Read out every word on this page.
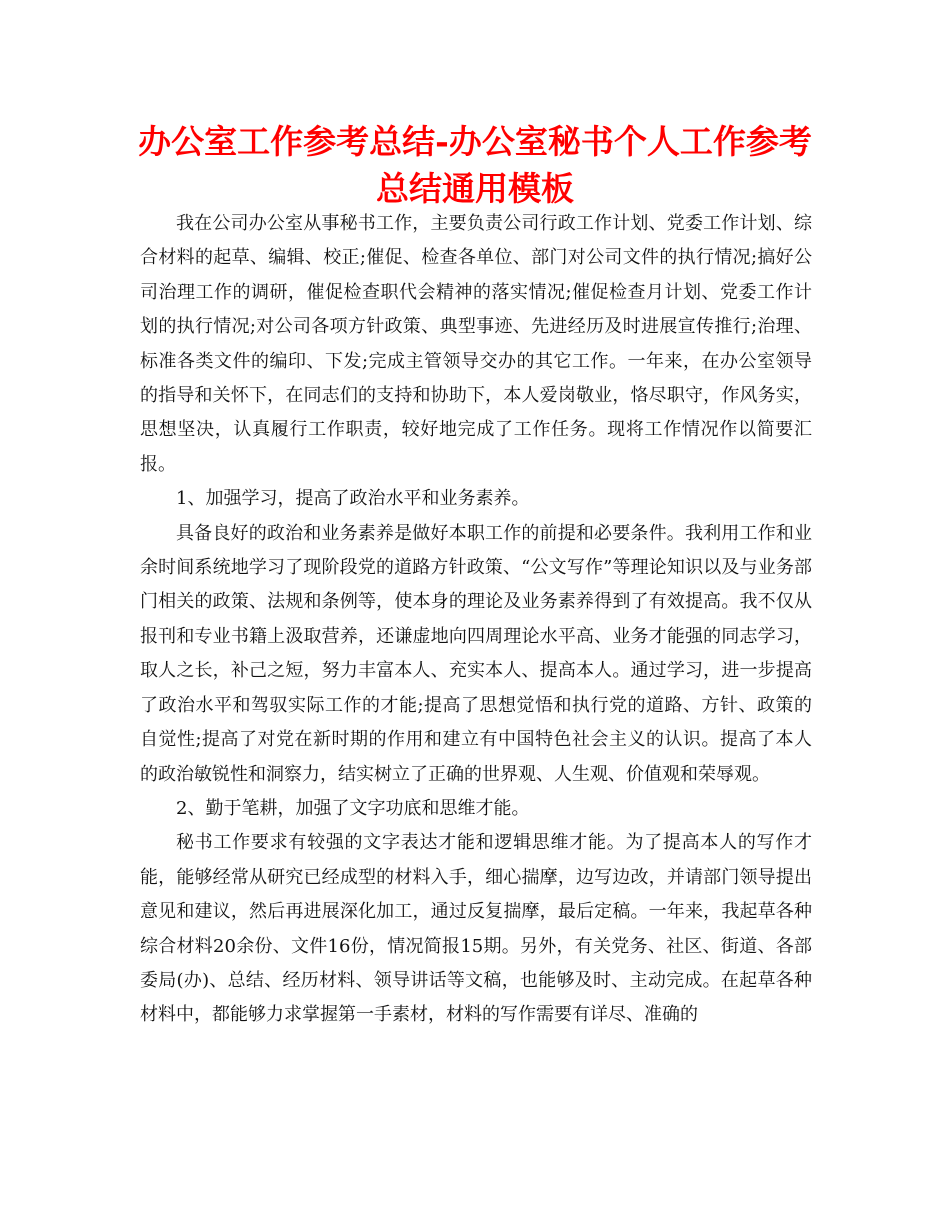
办公室工作参考总结-办公室秘书个人工作参考总结通用模板

我在公司办公室从事秘书工作，主要负责公司行政工作计划、党委工作计划、综合材料的起草、编辑、校正;催促、检查各单位、部门对公司文件的执行情况;搞好公司治理工作的调研，催促检查职代会精神的落实情况;催促检查月计划、党委工作计划的执行情况;对公司各项方针政策、典型事迹、先进经历及时进展宣传推行;治理、标准各类文件的编印、下发;完成主管领导交办的其它工作。一年来，在办公室领导的指导和关怀下，在同志们的支持和协助下，本人爱岗敬业，恪尽职守，作风务实，思想坚决，认真履行工作职责，较好地完成了工作任务。现将工作情况作以简要汇报。

1、加强学习，提高了政治水平和业务素养。

具备良好的政治和业务素养是做好本职工作的前提和必要条件。我利用工作和业余时间系统地学习了现阶段党的道路方针政策、“公文写作”等理论知识以及与业务部门相关的政策、法规和条例等，使本身的理论及业务素养得到了有效提高。我不仅从报刊和专业书籍上汲取营养，还谦虚地向四周理论水平高、业务才能强的同志学习，取人之长，补己之短，努力丰富本人、充实本人、提高本人。通过学习，进一步提高了政治水平和驾驭实际工作的才能;提高了思想觉悟和执行党的道路、方针、政策的自觉性;提高了对党在新时期的作用和建立有中国特色社会主义的认识。提高了本人的政治敏锐性和洞察力，结实树立了正确的世界观、人生观、价值观和荣辱观。

2、勤于笔耕，加强了文字功底和思维才能。

秘书工作要求有较强的文字表达才能和逻辑思维才能。为了提高本人的写作才能，能够经常从研究已经成型的材料入手，细心揣摩，边写边改，并请部门领导提出意见和建议，然后再进展深化加工，通过反复揣摩，最后定稿。一年来，我起草各种综合材料20余份、文件16份，情况简报15期。另外，有关党务、社区、街道、各部委局(办)、总结、经历材料、领导讲话等文稿，也能够及时、主动完成。在起草各种材料中，都能够力求掌握第一手素材，材料的写作需要有详尽、准确的
